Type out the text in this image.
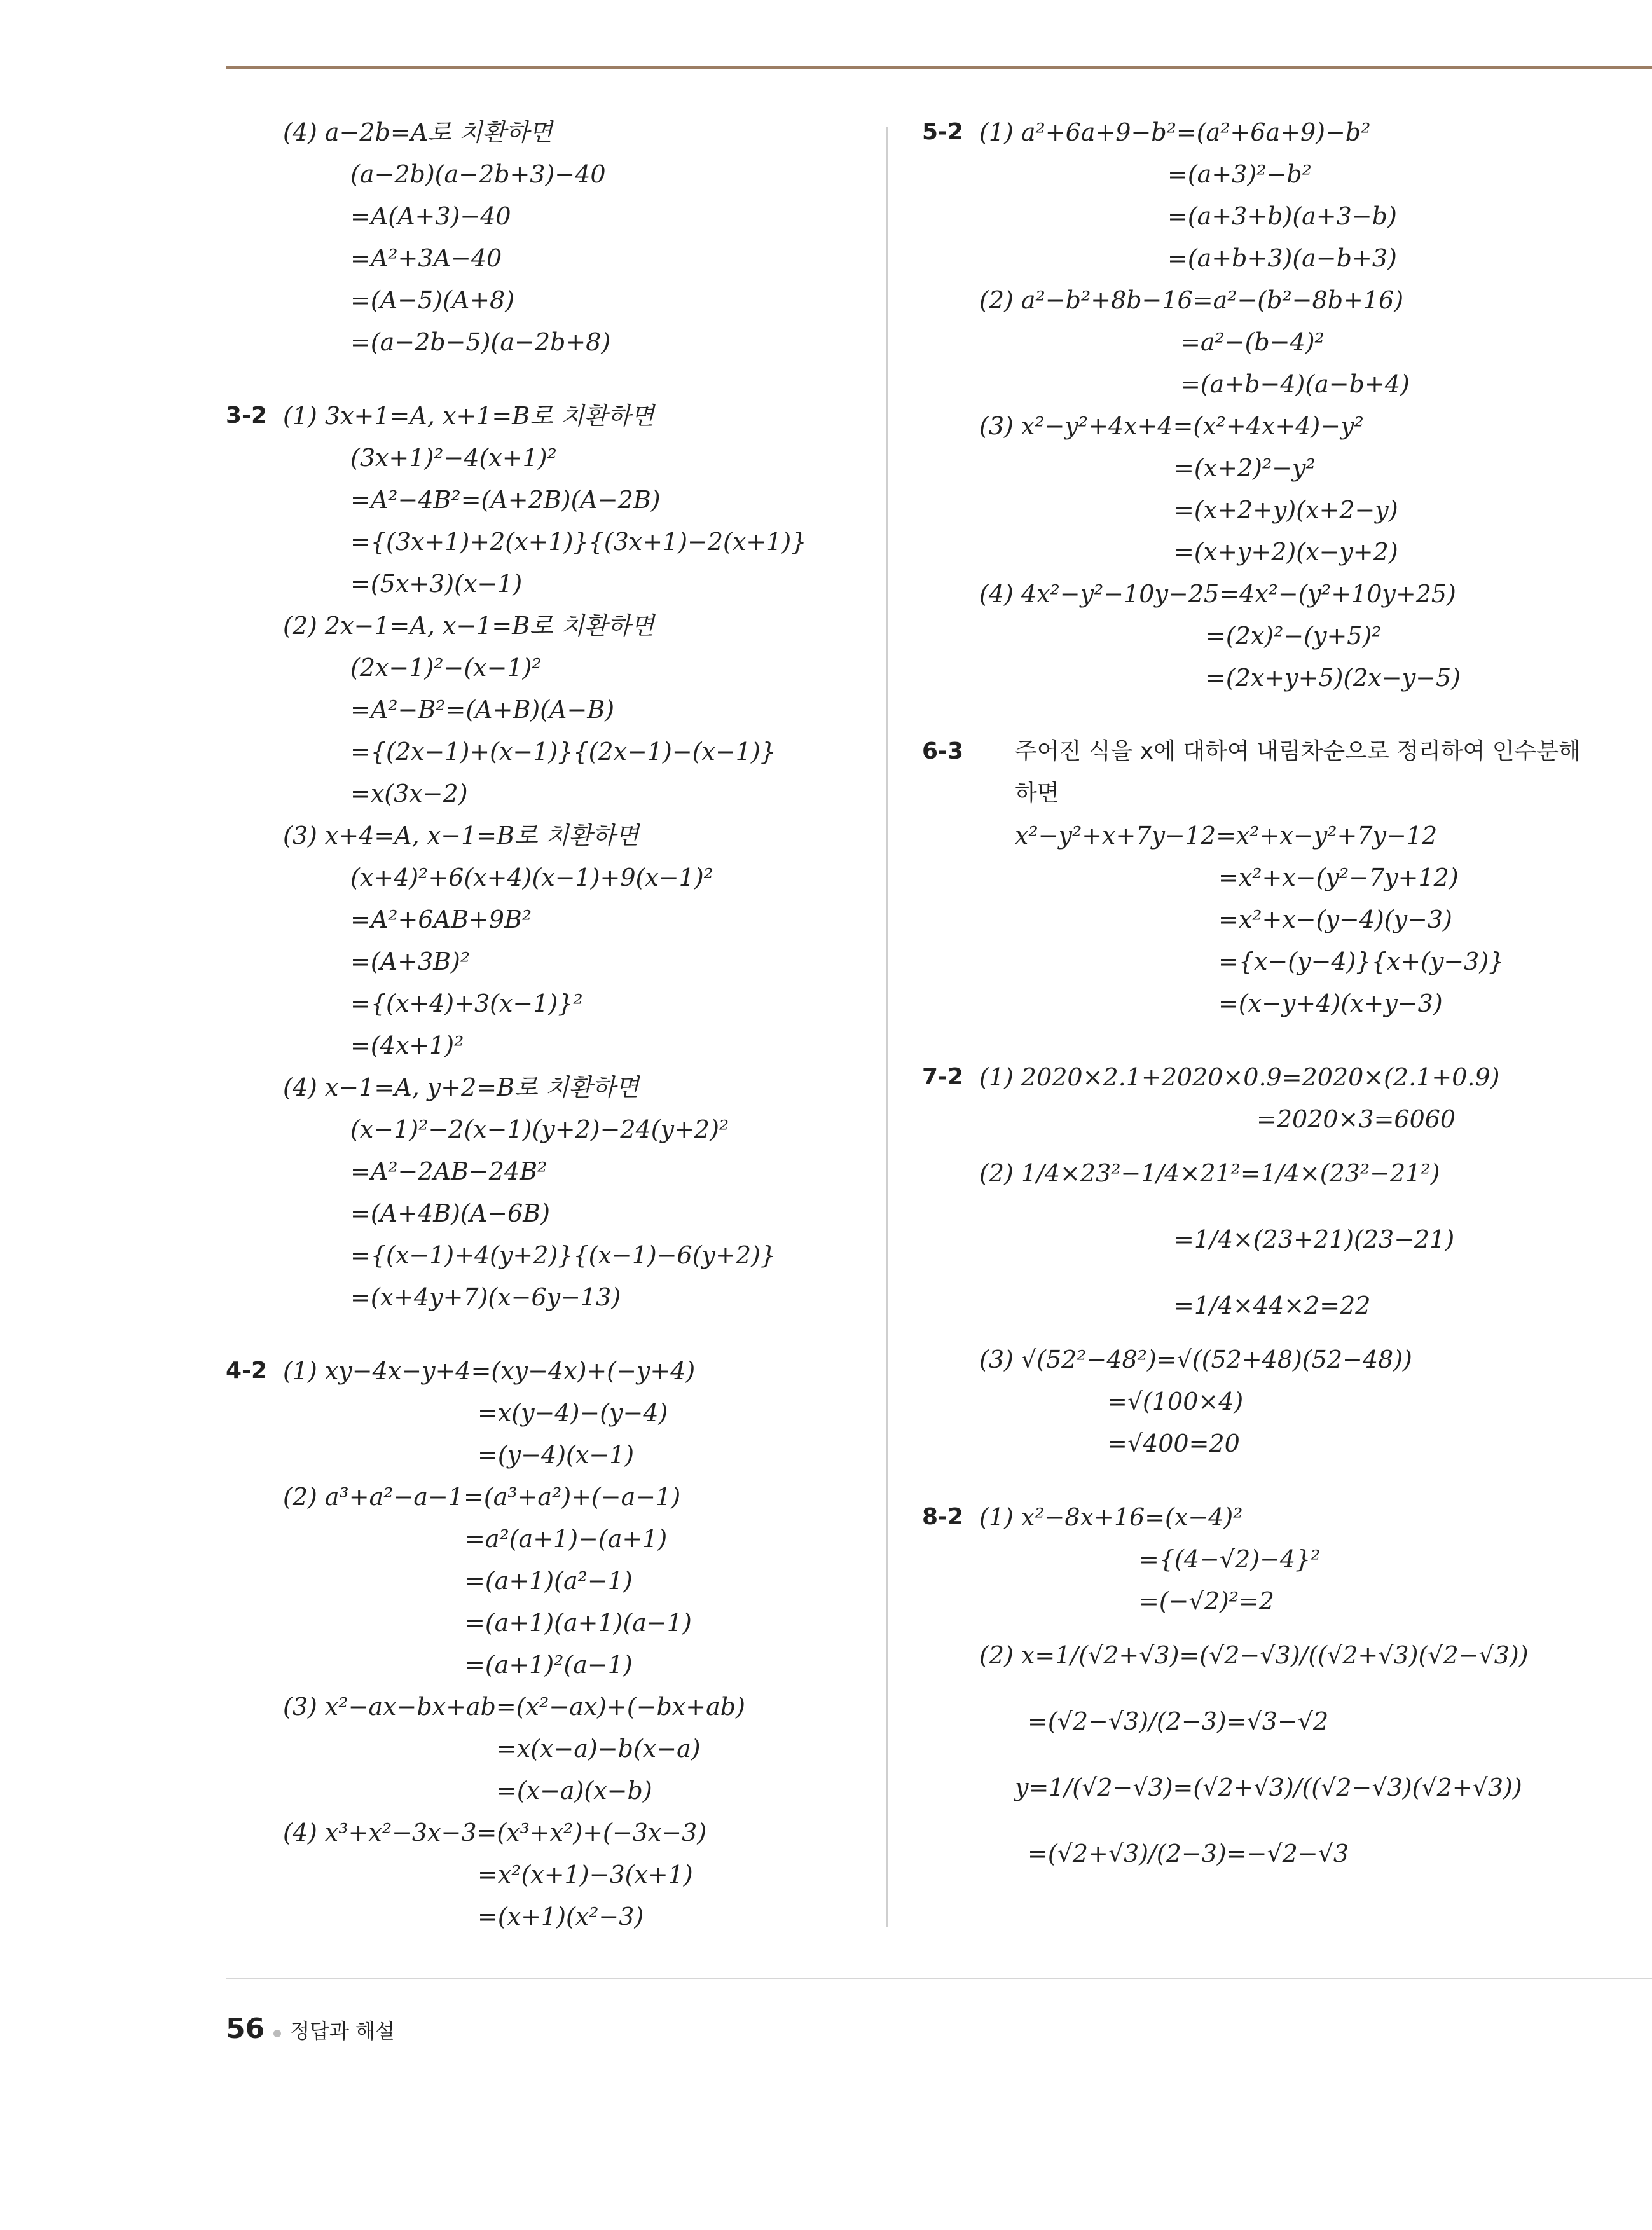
(4) a−2b=A로 치환하면
(a−2b)(a−2b+3)−40
=A(A+3)−40
=A²+3A−40
=(A−5)(A+8)
=(a−2b−5)(a−2b+8)
3-2 (1) 3x+1=A, x+1=B로 치환하면
(3x+1)²−4(x+1)²
=A²−4B²=(A+2B)(A−2B)
={(3x+1)+2(x+1)}{(3x+1)−2(x+1)}
=(5x+3)(x−1)
(2) 2x−1=A, x−1=B로 치환하면
(2x−1)²−(x−1)²
=A²−B²=(A+B)(A−B)
={(2x−1)+(x−1)}{(2x−1)−(x−1)}
=x(3x−2)
(3) x+4=A, x−1=B로 치환하면
(x+4)²+6(x+4)(x−1)+9(x−1)²
=A²+6AB+9B²
=(A+3B)²
={(x+4)+3(x−1)}²
=(4x+1)²
(4) x−1=A, y+2=B로 치환하면
(x−1)²−2(x−1)(y+2)−24(y+2)²
=A²−2AB−24B²
=(A+4B)(A−6B)
={(x−1)+4(y+2)}{(x−1)−6(y+2)}
=(x+4y+7)(x−6y−13)
4-2 (1) xy−4x−y+4=(xy−4x)+(−y+4)
=x(y−4)−(y−4)
=(y−4)(x−1)
(2) a³+a²−a−1=(a³+a²)+(−a−1)
=a²(a+1)−(a+1)
=(a+1)(a²−1)
=(a+1)(a+1)(a−1)
=(a+1)²(a−1)
(3) x²−ax−bx+ab=(x²−ax)+(−bx+ab)
=x(x−a)−b(x−a)
=(x−a)(x−b)
(4) x³+x²−3x−3=(x³+x²)+(−3x−3)
=x²(x+1)−3(x+1)
=(x+1)(x²−3)
5-2 (1) a²+6a+9−b²=(a²+6a+9)−b²
=(a+3)²−b²
=(a+3+b)(a+3−b)
=(a+b+3)(a−b+3)
(2) a²−b²+8b−16=a²−(b²−8b+16)
=a²−(b−4)²
=(a+b−4)(a−b+4)
(3) x²−y²+4x+4=(x²+4x+4)−y²
=(x+2)²−y²
=(x+2+y)(x+2−y)
=(x+y+2)(x−y+2)
(4) 4x²−y²−10y−25=4x²−(y²+10y+25)
=(2x)²−(y+5)²
=(2x+y+5)(2x−y−5)
6-3	주어진 식을 x에 대하여 내림차순으로 정리하여 인수분해
하면
x²−y²+x+7y−12=x²+x−y²+7y−12
=x²+x−(y²−7y+12)
=x²+x−(y−4)(y−3)
={x−(y−4)}{x+(y−3)}
=(x−y+4)(x+y−3)
7-2 (1) 2020×2.1+2020×0.9=2020×(2.1+0.9)
=2020×3=6060
(2) 1/4×23²−1/4×21²=1/4×(23²−21²)
=1/4×(23+21)(23−21)
=1/4×44×2=22
(3) √(52²−48²)=√((52+48)(52−48))
=√(100×4)
=√400=20
8-2 (1) x²−8x+16=(x−4)²
={(4−√2)−4}²
=(−√2)²=2
(2) x=1/(√2+√3)=(√2−√3)/((√2+√3)(√2−√3))
=(√2−√3)/(2−3)=√3−√2
y=1/(√2−√3)=(√2+√3)/((√2−√3)(√2+√3))
=(√2+√3)/(2−3)=−√2−√3
56 정답과 해설
